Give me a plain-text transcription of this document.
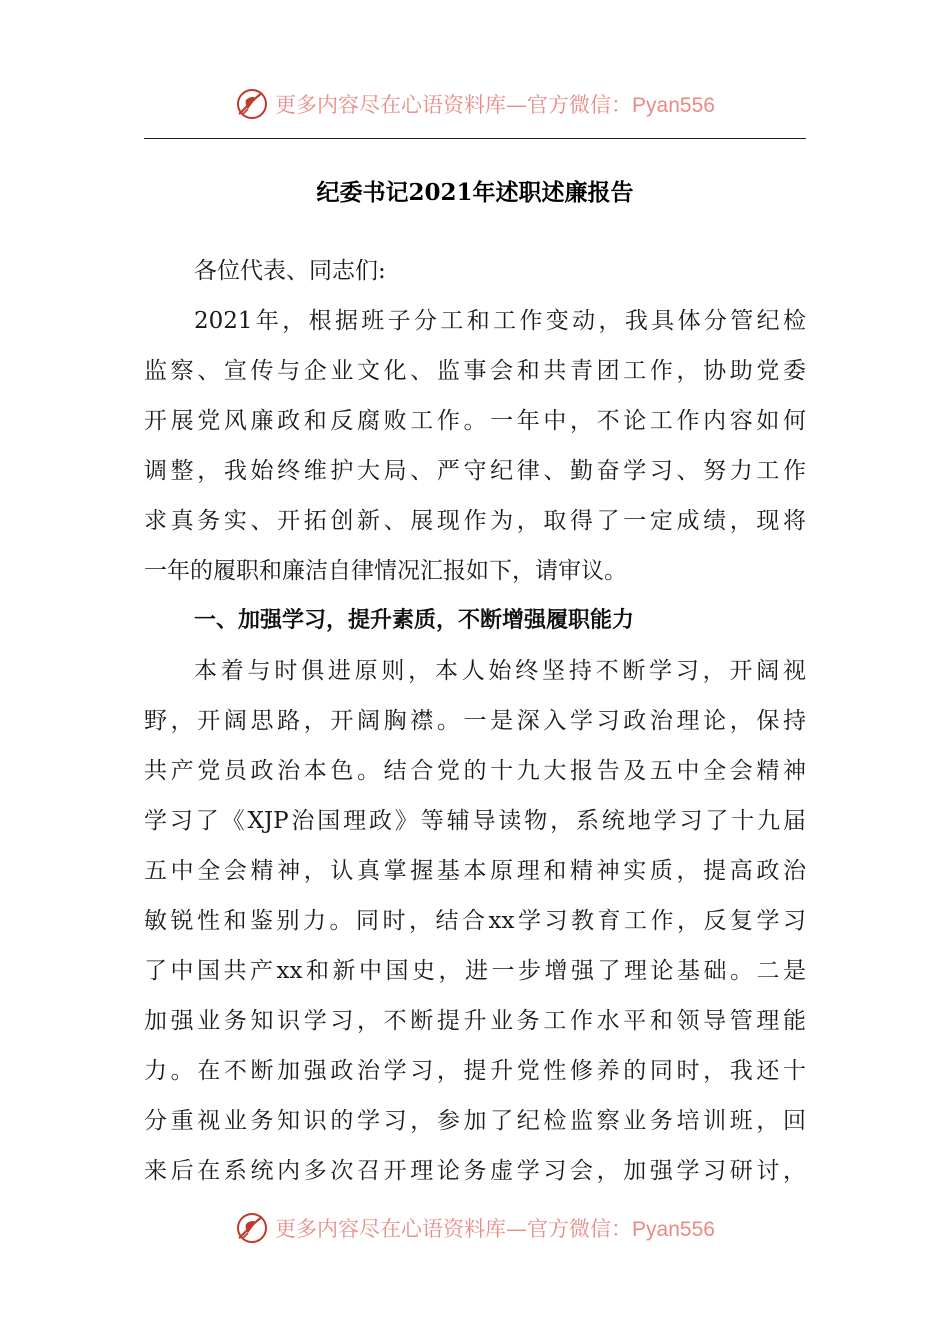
更多内容尽在心语资料库—官方微信：Pyan556
纪委书记2021年述职述廉报告
各位代表、同志们:
2021年，根据班子分工和工作变动，我具体分管纪检
监察、宣传与企业文化、监事会和共青团工作，协助党委
开展党风廉政和反腐败工作。一年中，不论工作内容如何
调整，我始终维护大局、严守纪律、勤奋学习、努力工作
求真务实、开拓创新、展现作为，取得了一定成绩，现将
一年的履职和廉洁自律情况汇报如下，请审议。
一、加强学习，提升素质，不断增强履职能力
本着与时俱进原则，本人始终坚持不断学习，开阔视
野，开阔思路，开阔胸襟。一是深入学习政治理论，保持
共产党员政治本色。结合党的十九大报告及五中全会精神
学习了《XJP治国理政》等辅导读物，系统地学习了十九届
五中全会精神，认真掌握基本原理和精神实质，提高政治
敏锐性和鉴别力。同时，结合xx学习教育工作，反复学习
了中国共产xx和新中国史，进一步增强了理论基础。二是
加强业务知识学习，不断提升业务工作水平和领导管理能
力。在不断加强政治学习，提升党性修养的同时，我还十
分重视业务知识的学习，参加了纪检监察业务培训班，回
来后在系统内多次召开理论务虚学习会，加强学习研讨，
更多内容尽在心语资料库—官方微信：Pyan556
